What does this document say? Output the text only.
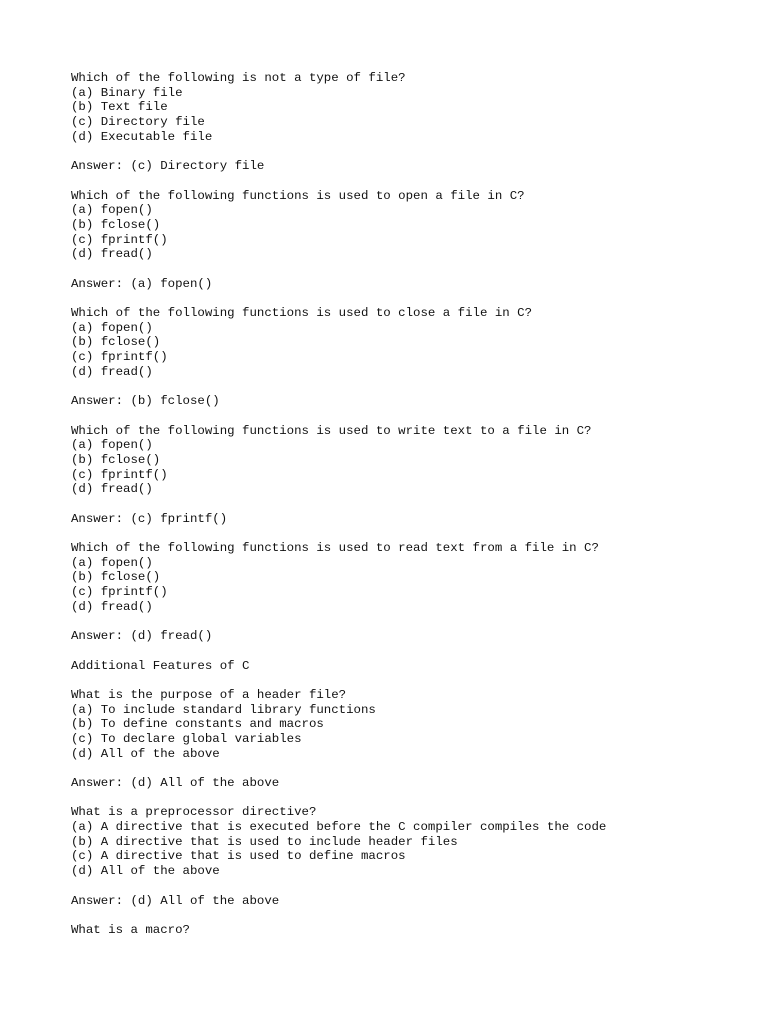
Which of the following is not a type of file?
(a) Binary file
(b) Text file
(c) Directory file
(d) Executable file
Answer: (c) Directory file
Which of the following functions is used to open a file in C?
(a) fopen()
(b) fclose()
(c) fprintf()
(d) fread()
Answer: (a) fopen()
Which of the following functions is used to close a file in C?
(a) fopen()
(b) fclose()
(c) fprintf()
(d) fread()
Answer: (b) fclose()
Which of the following functions is used to write text to a file in C?
(a) fopen()
(b) fclose()
(c) fprintf()
(d) fread()
Answer: (c) fprintf()
Which of the following functions is used to read text from a file in C?
(a) fopen()
(b) fclose()
(c) fprintf()
(d) fread()
Answer: (d) fread()
Additional Features of C
What is the purpose of a header file?
(a) To include standard library functions
(b) To define constants and macros
(c) To declare global variables
(d) All of the above
Answer: (d) All of the above
What is a preprocessor directive?
(a) A directive that is executed before the C compiler compiles the code
(b) A directive that is used to include header files
(c) A directive that is used to define macros
(d) All of the above
Answer: (d) All of the above
What is a macro?
